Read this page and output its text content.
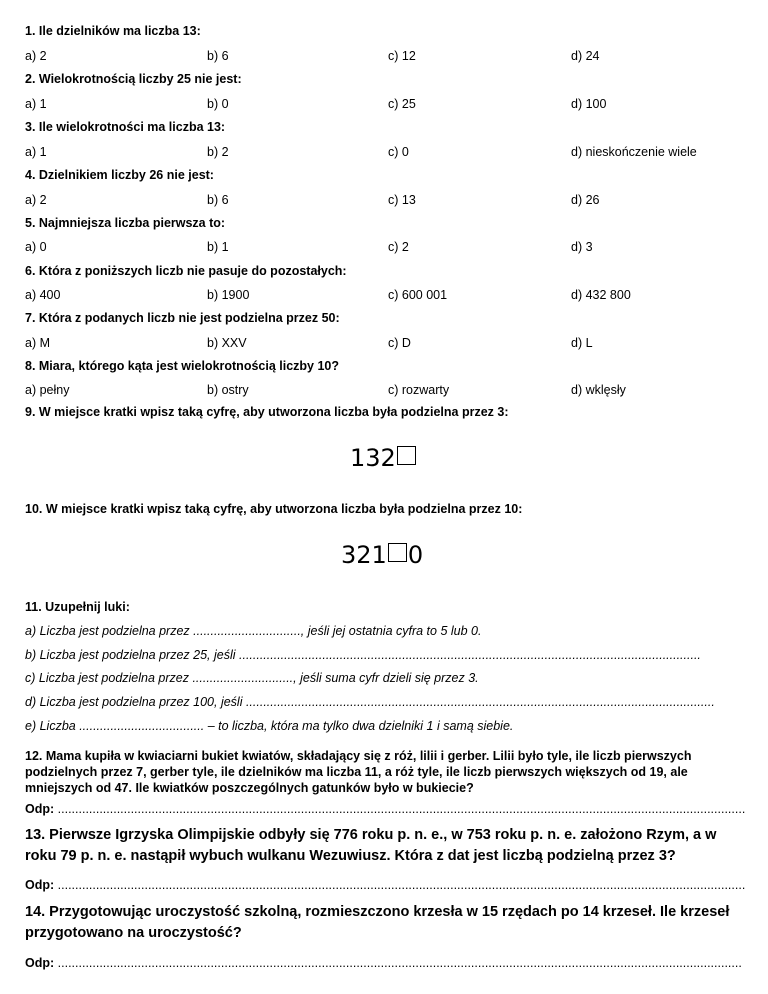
1. Ile dzielników ma liczba 13:
a) 2	b) 6	c) 12	d) 24
2. Wielokrotnością liczby 25 nie jest:
a) 1	b) 0	c) 25	d) 100
3. Ile wielokrotności ma liczba 13:
a) 1	b) 2	c) 0	d) nieskończenie wiele
4. Dzielnikiem liczby 26 nie jest:
a) 2	b) 6	c) 13	d) 26
5. Najmniejsza liczba pierwsza to:
a) 0	b) 1	c) 2	d) 3
6. Która z poniższych liczb nie pasuje do pozostałych:
a) 400	b) 1900	c) 600 001	d) 432 800
7. Która z podanych liczb nie jest podzielna przez 50:
a) M	b) XXV	c) D	d) L
8. Miara, którego kąta jest wielokrotnością liczby 10?
a) pełny	b) ostry	c) rozwarty	d) wklęsły
9. W miejsce kratki wpisz taką cyfrę, aby utworzona liczba była podzielna przez 3:
132
10. W miejsce kratki wpisz taką cyfrę, aby utworzona liczba była podzielna przez 10:
321 0
11. Uzupełnij luki:
a) Liczba jest podzielna przez ..............................., jeśli jej ostatnia cyfra to 5 lub 0.
b) Liczba jest podzielna przez 25, jeśli .....................................................................................................................................
c) Liczba jest podzielna przez ............................., jeśli suma cyfr dzieli się przez 3.
d) Liczba jest podzielna przez 100, jeśli .......................................................................................................................................
e) Liczba .................................... – to liczba, która ma tylko dwa dzielniki 1 i samą siebie.
12. Mama kupiła w kwiaciarni bukiet kwiatów, składający się z róż, lilii i gerber. Lilii było tyle, ile liczb pierwszych podzielnych przez 7, gerber tyle, ile dzielników ma liczba 11, a róż tyle, ile liczb pierwszych większych od 19, ale mniejszych od 47. Ile kwiatków poszczególnych gatunków było w bukiecie?
Odp: ......................................................................................................................................................................................................
13. Pierwsze Igrzyska Olimpijskie odbyły się 776 roku p. n. e., w 753 roku p. n. e. założono Rzym, a w roku 79 p. n. e. nastąpił wybuch wulkanu Wezuwiusz. Która z dat jest liczbą podzielną przez 3?
Odp: ......................................................................................................................................................................................................
14. Przygotowując uroczystość szkolną, rozmieszczono krzesła w 15 rzędach po 14 krzeseł. Ile krzeseł przygotowano na uroczystość?
Odp: .....................................................................................................................................................................................................
